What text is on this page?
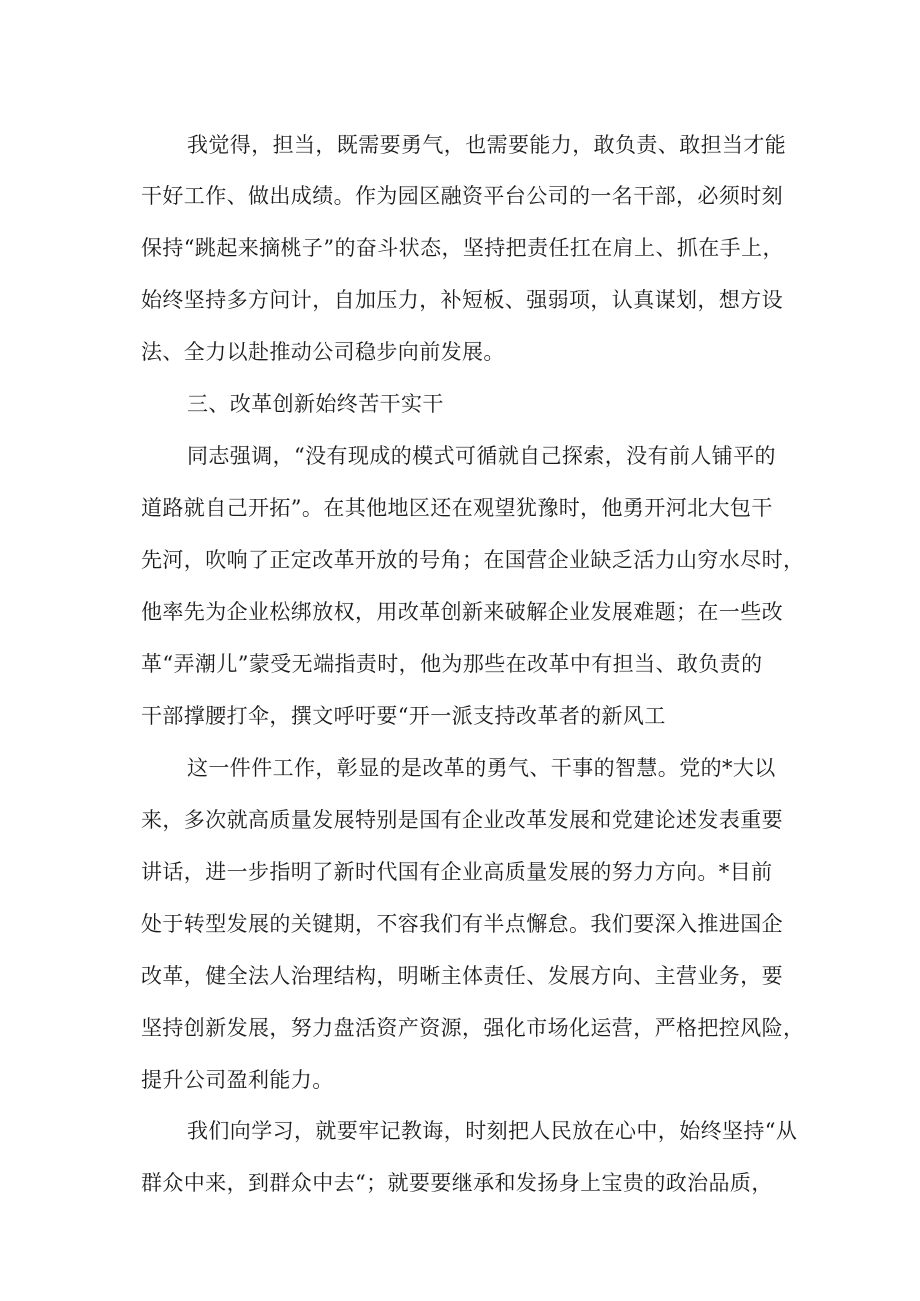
我觉得，担当，既需要勇气，也需要能力，敢负责、敢担当才能
干好工作、做出成绩。作为园区融资平台公司的一名干部，必须时刻
保持“跳起来摘桃子”的奋斗状态，坚持把责任扛在肩上、抓在手上，
始终坚持多方问计，自加压力，补短板、强弱项，认真谋划，想方设
法、全力以赴推动公司稳步向前发展。
三、改革创新始终苦干实干
同志强调，“没有现成的模式可循就自己探索，没有前人铺平的
道路就自己开拓”。在其他地区还在观望犹豫时，他勇开河北大包干
先河，吹响了正定改革开放的号角；在国营企业缺乏活力山穷水尽时，
他率先为企业松绑放权，用改革创新来破解企业发展难题；在一些改
革“弄潮儿”蒙受无端指责时，他为那些在改革中有担当、敢负责的
干部撑腰打伞，撰文呼吁要“开一派支持改革者的新风工
这一件件工作，彰显的是改革的勇气、干事的智慧。党的*大以
来，多次就高质量发展特别是国有企业改革发展和党建论述发表重要
讲话，进一步指明了新时代国有企业高质量发展的努力方向。*目前
处于转型发展的关键期，不容我们有半点懈怠。我们要深入推进国企
改革，健全法人治理结构，明晰主体责任、发展方向、主营业务，要
坚持创新发展，努力盘活资产资源，强化市场化运营，严格把控风险，
提升公司盈利能力。
我们向学习，就要牢记教诲，时刻把人民放在心中，始终坚持“从
群众中来，到群众中去“；就要要继承和发扬身上宝贵的政治品质，
